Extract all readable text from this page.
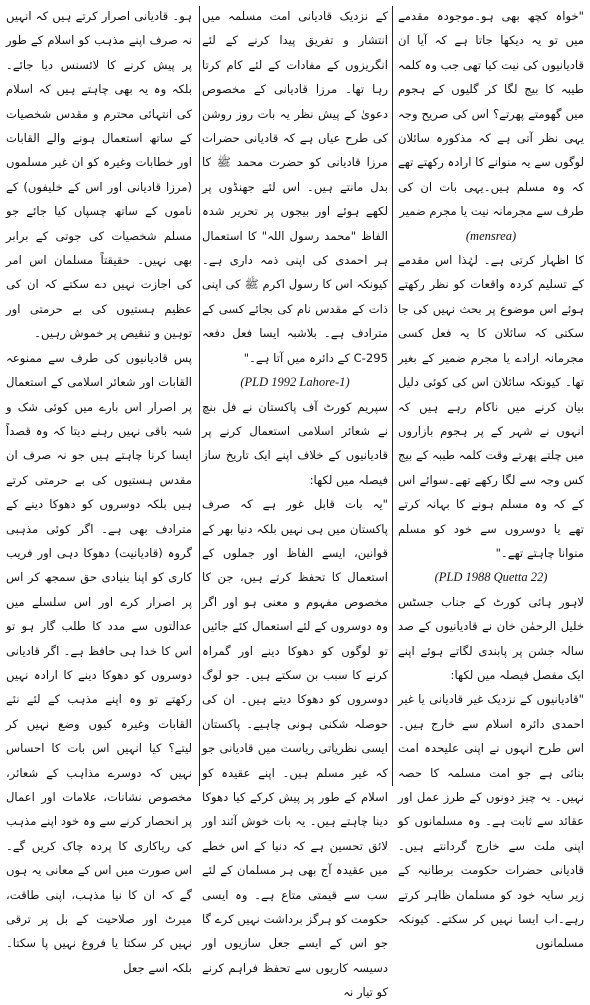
"خواہ کچھ بھی ہو۔موجودہ مقدمے میں تو یہ دیکھا جاتا ہے کہ آیا ان قادیانیوں کی نیت کیا تھی جب وہ کلمہ طیبہ کا بیج لگا کر گلیوں کے ہجوم میں گھومتے پھرتے؟ اس کی صریح وجہ یہی نظر آتی ہے کہ مذکورہ سائلان لوگوں سے یہ منوانے کا ارادہ رکھتے تھے کہ وہ مسلم ہیں۔یہی بات ان کی طرف سے مجرمانہ نیت یا مجرم ضمیر

(mensrea)

کا اظہار کرتی ہے۔ لہٰذا اس مقدمے کے تسلیم کردہ واقعات کو نظر رکھتے ہوئے اس موضوع پر بحث نہیں کی جا سکتی کہ سائلان کا یہ فعل کسی مجرمانہ ارادے یا مجرم ضمیر کے بغیر تھا۔ کیونکہ سائلان اس کی کوئی دلیل بیان کرنے میں ناکام رہے ہیں کہ انہوں نے شہر کے پر ہجوم بازاروں میں چلتے پھرتے وقت کلمہ طیبہ کے بیج کس وجہ سے لگا رکھے تھے۔سوائے اس کے کہ وہ مسلم ہونے کا بہانہ کرتے تھے یا دوسروں سے خود کو مسلم منوانا چاہتے تھے۔"

(PLD 1988 Quetta 22)

لاہور ہائی کورٹ کے جناب جسٹس خلیل الرحمٰن خان نے قادیانیوں کے صد سالہ جشن پر پابندی لگاتے ہوئے اپنے ایک مفصل فیصلہ میں لکھا:

"قادیانیوں کے نزدیک غیر قادیانی یا غیر احمدی دائرہ اسلام سے خارج ہیں۔ اس طرح انہوں نے اپنی علیحدہ امت بنائی ہے جو امت مسلمہ کا حصہ نہیں۔ یہ چیز دونوں کے طرز عمل اور عقائد سے ثابت ہے۔ وہ مسلمانوں کو اپنی ملت سے خارج گردانتے ہیں۔ قادیانی حضرات حکومت برطانیہ کے زیر سایہ خود کو مسلمان ظاہر کرتے رہے۔اب ایسا نہیں کر سکتے۔ کیونکہ مسلمانوں

کے نزدیک قادیانی امت مسلمہ میں انتشار و تفریق پیدا کرنے کے لئے انگریزوں کے مفادات کے لئے کام کرتا رہا تھا۔ مرزا قادیانی کے مخصوص دعویٰ کے پیش نظر یہ بات روز روشن کی طرح عیاں ہے کہ قادیانی حضرات مرزا قادیانی کو حضرت محمد ﷺ کا بدل مانتے ہیں۔ اس لئے جھنڈوں پر لکھے ہوئے اور بیجوں پر تحریر شدہ الفاظ "محمد رسول اللہ" کا استعمال ہر احمدی کی اپنی ذمہ داری ہے۔ کیونکہ اس کا رسول اکرم ﷺ کی اپنی ذات کے مقدس نام کی بجائے کسی کے مترادف ہے۔ بلاشبہ ایسا فعل دفعہ 295-C کے دائرہ میں آتا ہے۔"

(PLD 1992 Lahore-1)

سپریم کورٹ آف پاکستان نے فل بنچ نے شعائر اسلامی استعمال کرنے پر قادیانیوں کے خلاف اپنے ایک تاریخ ساز فیصلہ میں لکھا:

"یہ بات قابل غور ہے کہ صرف پاکستان میں ہی نہیں بلکہ دنیا بھر کے قوانین، ایسے الفاظ اور جملوں کے استعمال کا تحفظ کرتے ہیں، جن کا مخصوص مفہوم و معنی ہو اور اگر وہ دوسروں کے لئے استعمال کئے جائیں تو لوگوں کو دھوکا دینے اور گمراہ کرنے کا سبب بن سکتے ہیں۔ جو لوگ دوسروں کو دھوکا دیتے ہیں۔ ان کی حوصلہ شکنی ہونی چاہیے۔ پاکستان ایسی نظریاتی ریاست میں قادیانی جو کہ غیر مسلم ہیں۔ اپنے عقیدہ کو اسلام کے طور پر پیش کرکے کیا دھوکا دینا چاہتے ہیں۔ یہ بات خوش آئند اور لائق تحسین ہے کہ دنیا کے اس خطے میں عقیدہ آج بھی ہر مسلمان کے لئے سب سے قیمتی متاع ہے۔ وہ ایسی حکومت کو ہرگز برداشت نہیں کرے گا جو اس کے ایسے جعل سازیوں اور دسیسہ کاریوں سے تحفظ فراہم کرنے کو تیار نہ

ہو۔ قادیانی اصرار کرتے ہیں کہ انہیں نہ صرف اپنے مذہب کو اسلام کے طور پر پیش کرنے کا لائسنس دیا جائے۔ بلکہ وہ یہ بھی چاہتے ہیں کہ اسلام کی انتہائی محترم و مقدس شخصیات کے ساتھ استعمال ہونے والے القابات اور خطابات وغیرہ کو ان غیر مسلموں (مرزا قادیانی اور اس کے خلیفوں) کے ناموں کے ساتھ چسپاں کیا جائے جو مسلم شخصیات کی جوتی کے برابر بھی نہیں۔ حقیقتاً مسلمان اس امر کی اجازت نہیں دے سکتے کہ ان کی عظیم ہستیوں کی بے حرمتی اور توہین و تنقیص پر خموش رہیں۔

پس قادیانیوں کی طرف سے ممنوعہ القابات اور شعائر اسلامی کے استعمال پر اصرار اس بارے میں کوئی شک و شبہ باقی نہیں رہنے دیتا کہ وہ قصداً ایسا کرنا چاہتے ہیں جو نہ صرف ان مقدس ہستیوں کی بے حرمتی کرتے ہیں بلکہ دوسروں کو دھوکا دینے کے مترادف بھی ہے۔ اگر کوئی مذہبی گروہ (قادیانیت) دھوکا دہی اور فریب کاری کو اپنا بنیادی حق سمجھ کر اس پر اصرار کرے اور اس سلسلے میں عدالتوں سے مدد کا طلب گار ہو تو اس کا خدا ہی حافظ ہے۔ اگر قادیانی دوسروں کو دھوکا دینے کا ارادہ نہیں رکھتے تو وہ اپنے مذہب کے لئے نئے القابات وغیرہ کیوں وضع نہیں کر لیتے؟ کیا انہیں اس بات کا احساس نہیں کہ دوسرے مذاہب کے شعائر، مخصوص نشانات، علامات اور اعمال پر انحصار کرنے سے وہ خود اپنے مذہب کی ریاکاری کا پردہ چاک کریں گے۔ اس صورت میں اس کے معانی یہ ہوں گے کہ ان کا نیا مذہب، اپنی طاقت، میرٹ اور صلاحیت کے بل پر ترقی نہیں کر سکتا یا فروغ نہیں پا سکتا۔ بلکہ اسے جعل
